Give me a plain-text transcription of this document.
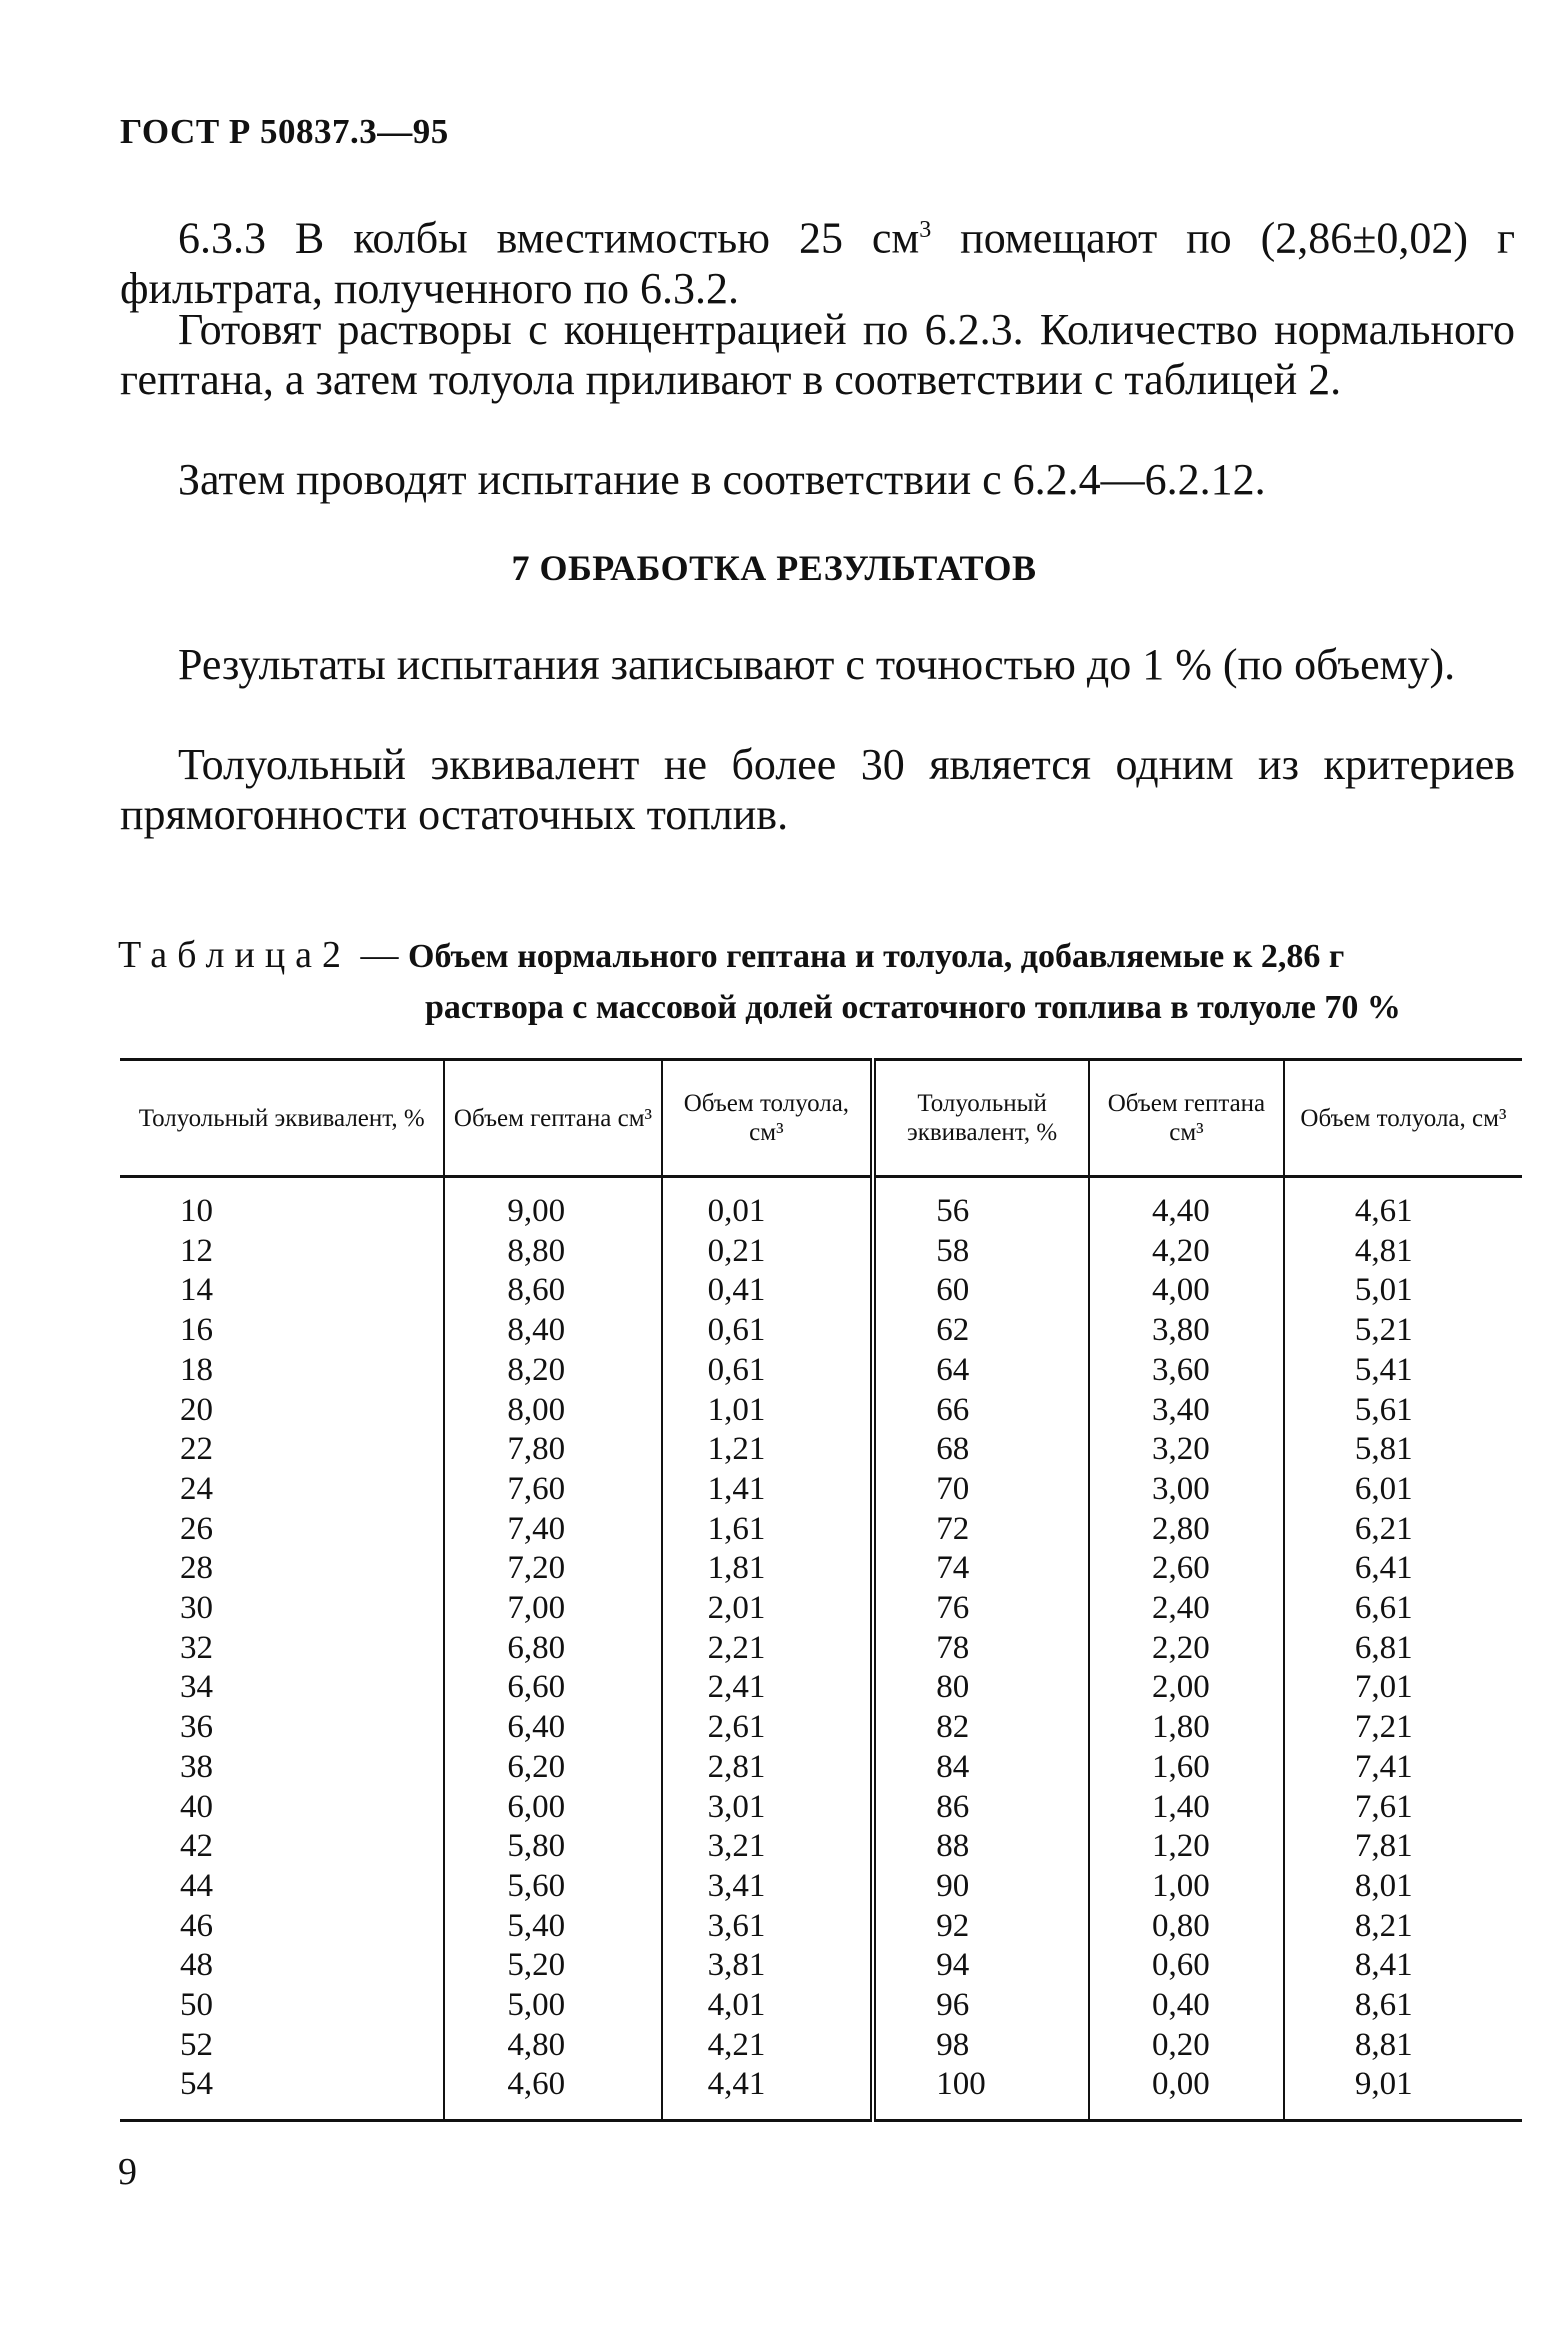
ГОСТ Р 50837.3—95

6.3.3 В колбы вместимостью 25 $см^3$ помещают по (2,86±0,02) г фильтрата, полученного по 6.3.2.

Готовят растворы с концентрацией по 6.2.3. Количество нормального гептана, а затем толуола приливают в соответствии с таблицей 2.

Затем проводят испытание в соответствии с 6.2.4—6.2.12.

7 ОБРАБОТКА РЕЗУЛЬТАТОВ

Результаты испытания записывают с точностью до 1 % (по объему).

Толуольный эквивалент не более 30 является одним из критериев прямогонности остаточных топлив.

Таблица2 — Объем нормального гептана и толуола, добавляемые к 2,86 г
раствора с массовой долей остаточного топлива в толуоле 70 %
Толуольный эквивалент, %	Объем гептана см³	Объем толуола, см³	Толуольный эквивалент, %	Объем гептана см³	Объем толуола, см³
10	9,00	0,01	56	4,40	4,61
12	8,80	0,21	58	4,20	4,81
14	8,60	0,41	60	4,00	5,01
16	8,40	0,61	62	3,80	5,21
18	8,20	0,61	64	3,60	5,41
20	8,00	1,01	66	3,40	5,61
22	7,80	1,21	68	3,20	5,81
24	7,60	1,41	70	3,00	6,01
26	7,40	1,61	72	2,80	6,21
28	7,20	1,81	74	2,60	6,41
30	7,00	2,01	76	2,40	6,61
32	6,80	2,21	78	2,20	6,81
34	6,60	2,41	80	2,00	7,01
36	6,40	2,61	82	1,80	7,21
38	6,20	2,81	84	1,60	7,41
40	6,00	3,01	86	1,40	7,61
42	5,80	3,21	88	1,20	7,81
44	5,60	3,41	90	1,00	8,01
46	5,40	3,61	92	0,80	8,21
48	5,20	3,81	94	0,60	8,41
50	5,00	4,01	96	0,40	8,61
52	4,80	4,21	98	0,20	8,81
54	4,60	4,41	100	0,00	9,01
9
